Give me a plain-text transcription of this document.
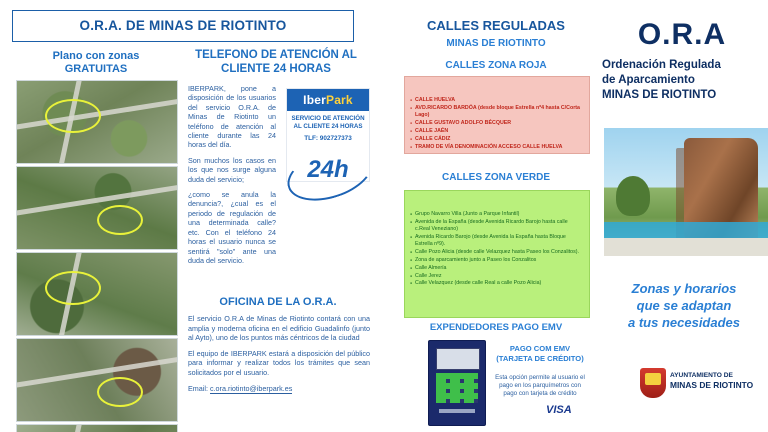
O.R.A. DE MINAS DE RIOTINTO
Plano con zonas
GRATUITAS
TELEFONO DE ATENCIÓN AL
CLIENTE 24 HORAS

IBERPARK, pone a disposición de los usuarios del servicio O.R.A. de Minas de Riotinto un teléfono de atención al cliente durante las 24 horas del día.

Son muchos los casos en los que nos surge alguna duda del servicio;

¿como se anula la denuncia?, ¿cual es el periodo de regulación de una determinada calle? etc. Con el teléfono 24 horas el usuario nunca se sentirá "solo" ante una duda del servicio.

IberPark
SERVICIO DE ATENCIÓN AL CLIENTE 24 HORAS
TLF: 902727373
24h
OFICINA DE LA O.R.A.

El servicio O.R.A de Minas de Riotinto contará con una amplia y moderna oficina en el edificio Guadalinfo (junto al Ayto), uno de los puntos más céntricos de la ciudad

El equipo de IBERPARK estará a disposición del público para informar y realizar todos los trámites que sean solicitados por el usuario.

Email: c.ora.riotinto@iberpark.es

CALLES REGULADAS
MINAS DE RIOTINTO
CALLES ZONA ROJA
● CALLE HUELVA
● AVD.RICARDO BARDÓA (desde bloque Estrella nº4 hasta C/Corta Lago)
● CALLE GUSTAVO ADOLFO BÉCQUER
● CALLE JAÉN
● CALLE CÁDIZ
● TRAMO DE VÍA DENOMINACIÓN ACCESO CALLE HUELVA
CALLES ZONA VERDE
● Grupo Navarro Villa (Junto a Parque Infantil)
● Avenida de la España (desde Avenida Ricardo Barojo hasta calle c.Real Veneziano)
● Avenida Ricardo Barojo (desde Avenida la España hasta Bloque Estrella nº9).
● Calle Pozo Alicia (desde calle Velazquez hasta Paseo los Conzalitos).
● Zona de aparcamiento junto a Paseo los Conzalitos
● Calle Almería
● Calle Jerez
● Calle Velazquez (desde calle Real a calle Pozo Alicia)
EXPENDEDORES PAGO EMV
PAGO COM EMV (TARJETA DE CRÉDITO)
Esta opción permite al usuario el pago en los parquímetros con pago con tarjeta de crédito
VISA
O.R.A
Ordenación Regulada
de Aparcamiento
MINAS DE RIOTINTO
Zonas y horarios
que se adaptan
a tus necesidades
AYUNTAMIENTO DE
MINAS DE RIOTINTO
